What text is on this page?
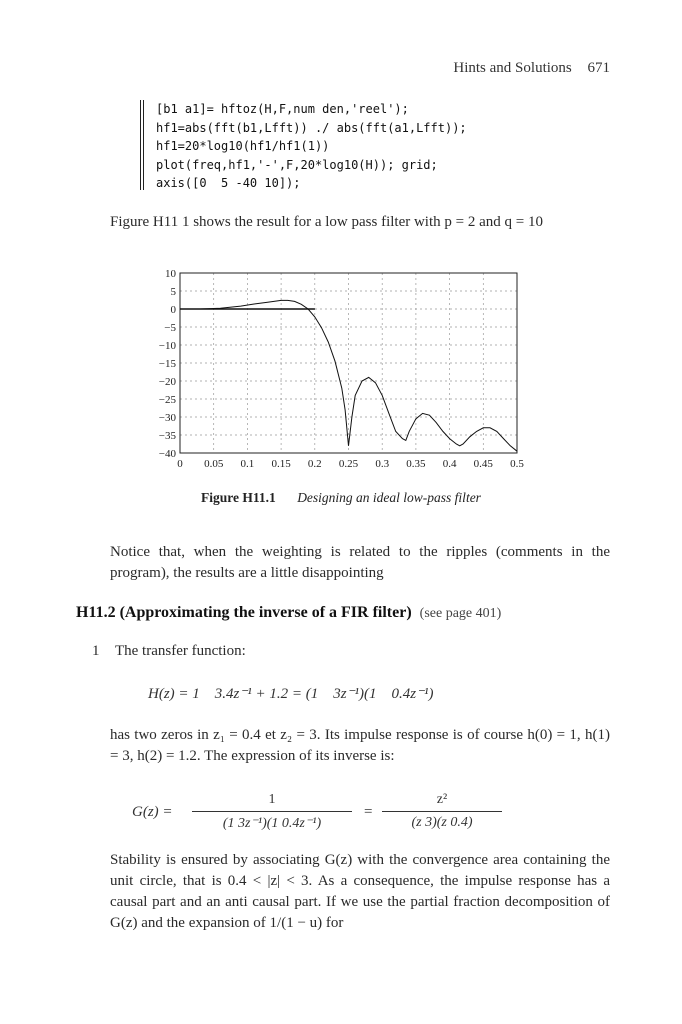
Hints and Solutions 671
[b1 a1]= hftoz(H,F,num den,'reel');
hf1=abs(fft(b1,Lfft)) ./ abs(fft(a1,Lfft));
hf1=20*log10(hf1/hf1(1))
plot(freq,hf1,'-',F,20*log10(H)); grid;
axis([0  5 -40 10]);

Figure H11 1 shows the result for a low pass filter with p = 2 and q = 10

0 0.05 0.1 0.15 0.2 0.25 0.3 0.35 0.4 0.45 0.5
10
5
0
−5
−10
−15
−20
−25
−30
−35
−40
Figure H11.1 Designing an ideal low-pass filter

Notice that, when the weighting is related to the ripples (comments in the program), the results are a little disappointing

H11.2 (Approximating the inverse of a FIR filter) (see page 401)
1 The transfer function:
H(z) = 1    3.4z⁻¹ + 1.2 = (1    3z⁻¹)(1    0.4z⁻¹)

has two zeros in z₁ = 0.4 et z₂ = 3. Its impulse response is of course h(0) = 1, h(1) = 3, h(2) = 1.2. The expression of its inverse is:

$G(z) = \frac{1}{\text{(1 3z⁻¹)(1 0.4z⁻¹)}} = \frac{\text{z²}}{(z 3)(z 0.4)}$

Stability is ensured by associating G(z) with the convergence area containing the unit circle, that is 0.4 < |z| < 3. As a consequence, the impulse response has a causal part and an anti causal part. If we use the partial fraction decomposition of G(z) and the expansion of 1/(1 − u) for
